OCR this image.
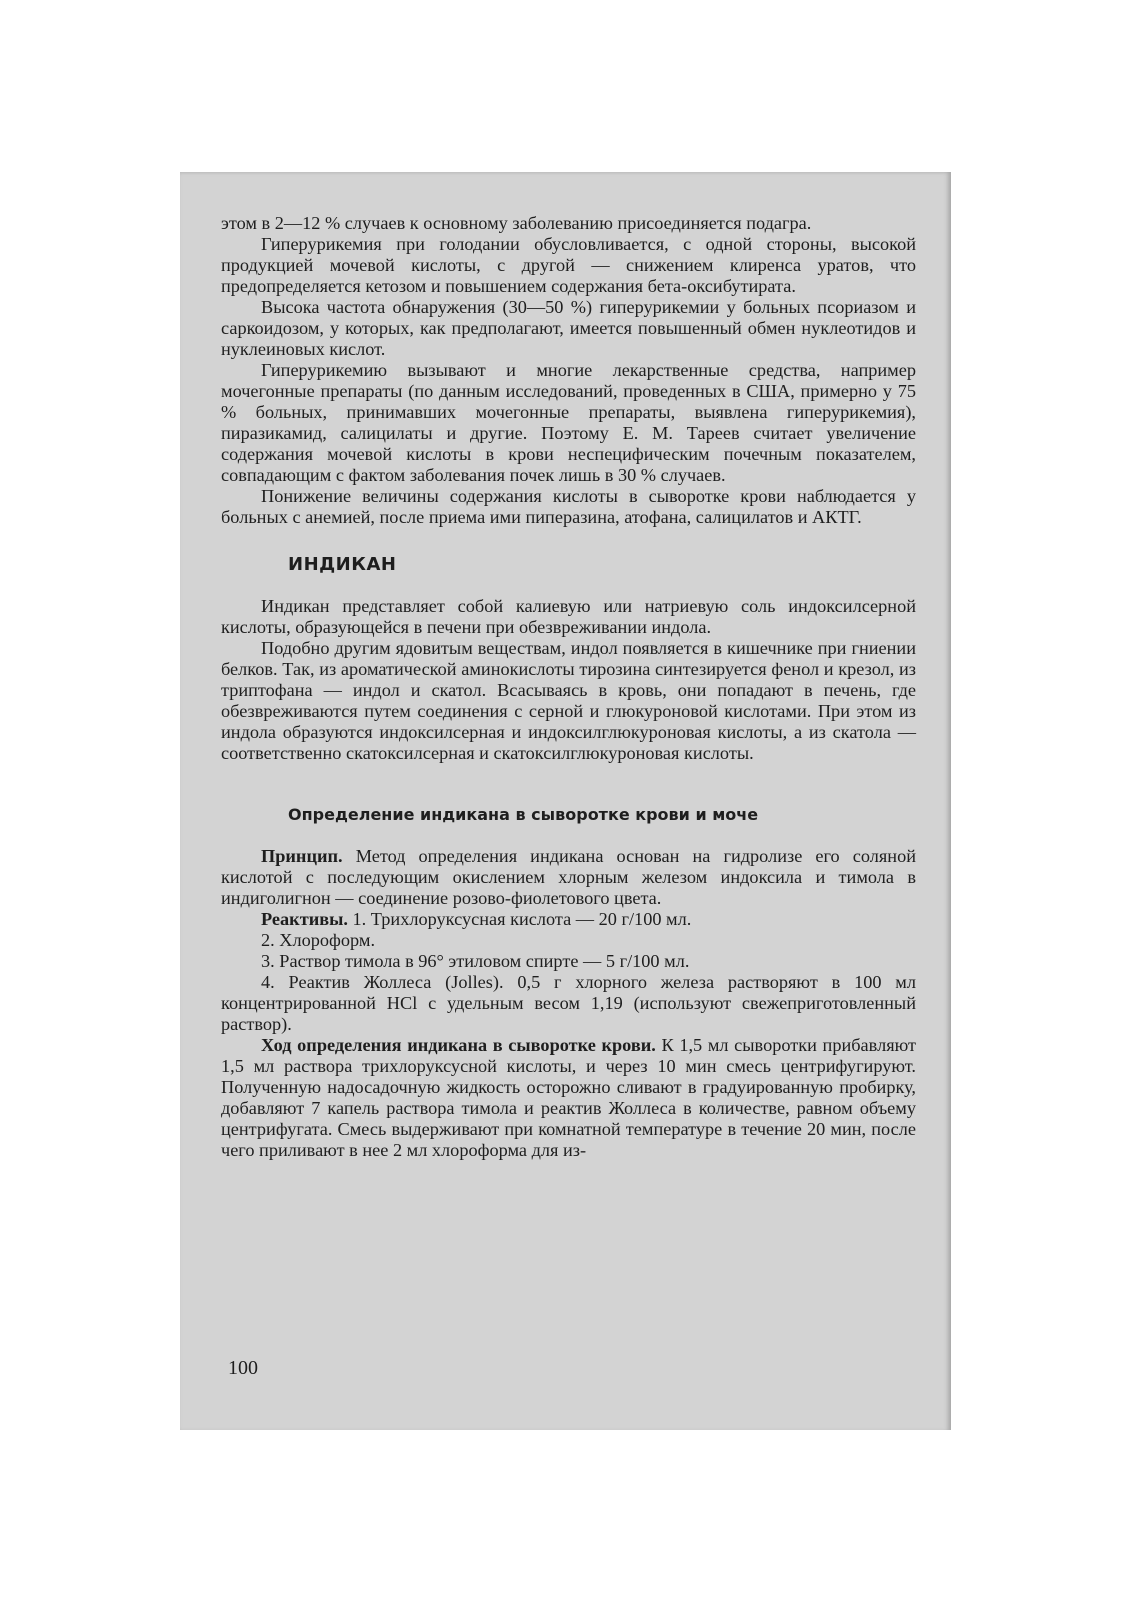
этом в 2—12 % случаев к основному заболеванию присоединяется подагра.

Гиперурикемия при голодании обусловливается, с одной стороны, высокой продукцией мочевой кислоты, с другой — снижением клиренса уратов, что предопределяется кетозом и повышением содержания бета-оксибутирата.

Высока частота обнаружения (30—50 %) гиперурикемии у больных псориазом и саркоидозом, у которых, как предполагают, имеется повышенный обмен нуклеотидов и нуклеиновых кислот.

Гиперурикемию вызывают и многие лекарственные средства, например мочегонные препараты (по данным исследований, проведенных в США, примерно у 75 % больных, принимавших мочегонные препараты, выявлена гиперурикемия), пиразикамид, салицилаты и другие. Поэтому Е. М. Тареев считает увеличение содержания мочевой кислоты в крови неспецифическим почечным показателем, совпадающим с фактом заболевания почек лишь в 30 % случаев.

Понижение величины содержания кислоты в сыворотке крови наблюдается у больных с анемией, после приема ими пиперазина, атофана, салицилатов и АКТГ.

ИНДИКАН

Индикан представляет собой калиевую или натриевую соль индоксилсерной кислоты, образующейся в печени при обезвреживании индола.

Подобно другим ядовитым веществам, индол появляется в кишечнике при гниении белков. Так, из ароматической аминокислоты тирозина синтезируется фенол и крезол, из триптофана — индол и скатол. Всасываясь в кровь, они попадают в печень, где обезвреживаются путем соединения с серной и глюкуроновой кислотами. При этом из индола образуются индоксилсерная и индоксилглюкуроновая кислоты, а из скатола — соответственно скатоксилсерная и скатоксилглюкуроновая кислоты.

Определение индикана в сыворотке крови и моче

Принцип. Метод определения индикана основан на гидролизе его соляной кислотой с последующим окислением хлорным железом индоксила и тимола в индиголигнон — соединение розово-фиолетового цвета.

Реактивы. 1. Трихлоруксусная кислота — 20 г/100 мл.

2. Хлороформ.

3. Раствор тимола в 96° этиловом спирте — 5 г/100 мл.

4. Реактив Жоллеса (Jolles). 0,5 г хлорного железа растворяют в 100 мл концентрированной HCl с удельным весом 1,19 (используют свежеприготовленный раствор).

Ход определения индикана в сыворотке крови. К 1,5 мл сыворотки прибавляют 1,5 мл раствора трихлоруксусной кислоты, и через 10 мин смесь центрифугируют. Полученную надосадочную жидкость осторожно сливают в градуированную пробирку, добавляют 7 капель раствора тимола и реактив Жоллеса в количестве, равном объему центрифугата. Смесь выдерживают при комнатной температуре в течение 20 мин, после чего приливают в нее 2 мл хлороформа для из-

100
